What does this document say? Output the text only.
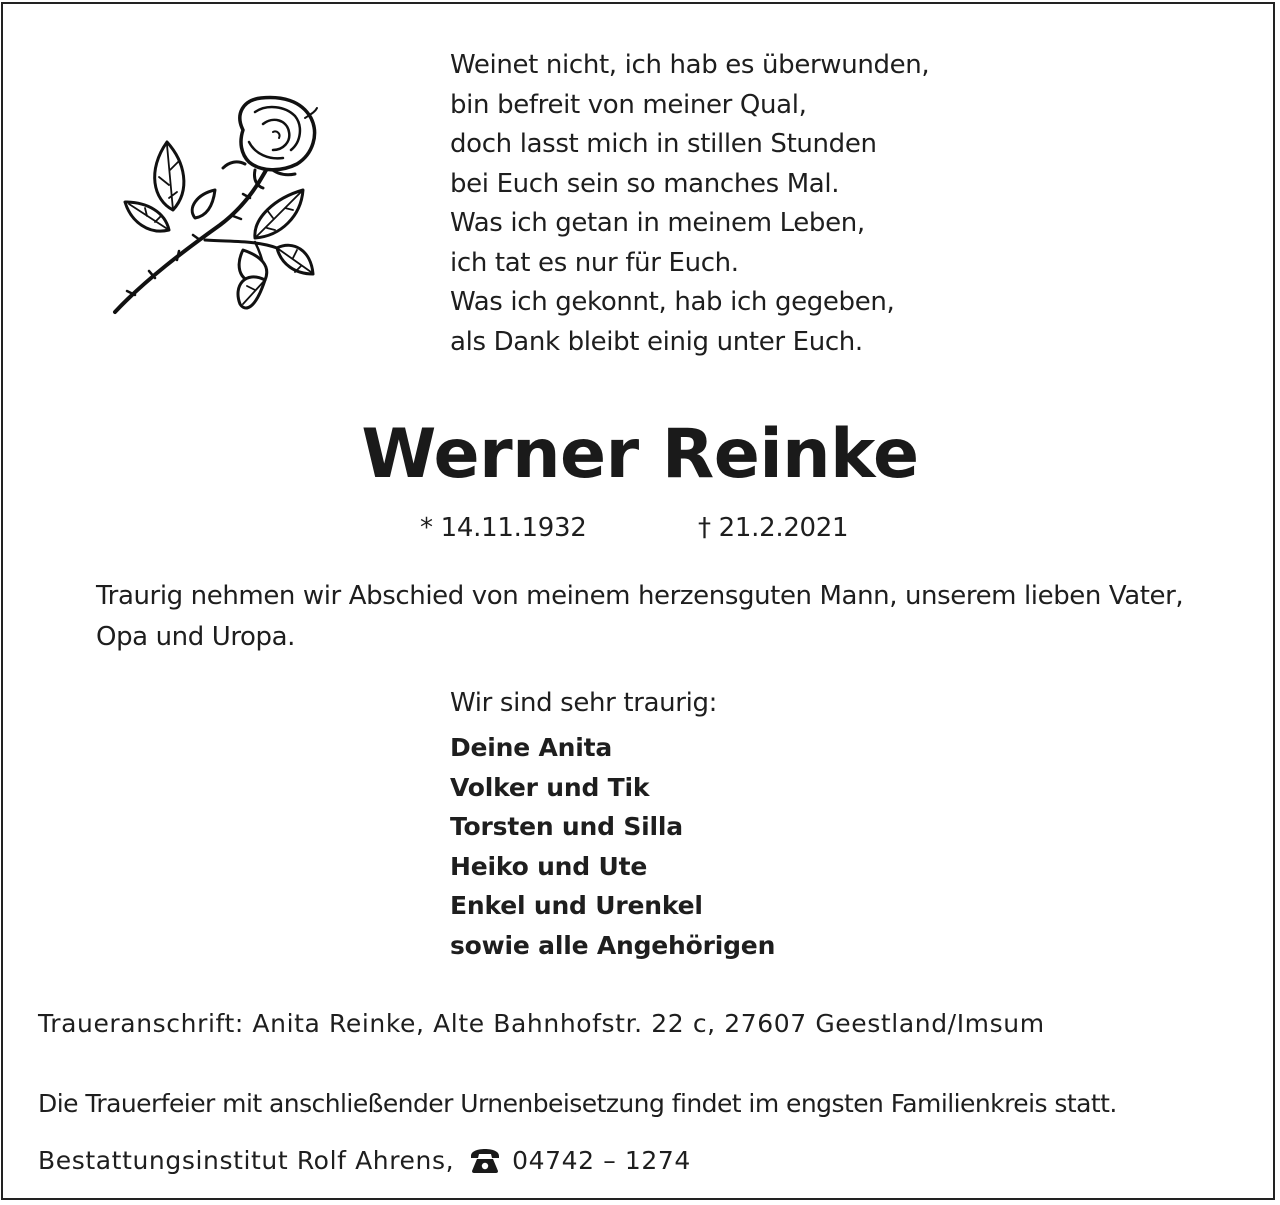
Weinet nicht, ich hab es überwunden,
bin befreit von meiner Qual,
doch lasst mich in stillen Stunden
bei Euch sein so manches Mal.
Was ich getan in meinem Leben,
ich tat es nur für Euch.
Was ich gekonnt, hab ich gegeben,
als Dank bleibt einig unter Euch.
Werner Reinke
* 14.11.1932	† 21.2.2021
Traurig nehmen wir Abschied von meinem herzensguten Mann, unserem lieben Vater, Opa und Uropa.
Wir sind sehr traurig:
Deine Anita
Volker und Tik
Torsten und Silla
Heiko und Ute
Enkel und Urenkel
sowie alle Angehörigen
Traueranschrift: Anita Reinke, Alte Bahnhofstr. 22 c, 27607 Geestland/Imsum
Die Trauerfeier mit anschließender Urnenbeisetzung findet im engsten Familienkreis statt.
Bestattungsinstitut Rolf Ahrens, 04742 – 1274
